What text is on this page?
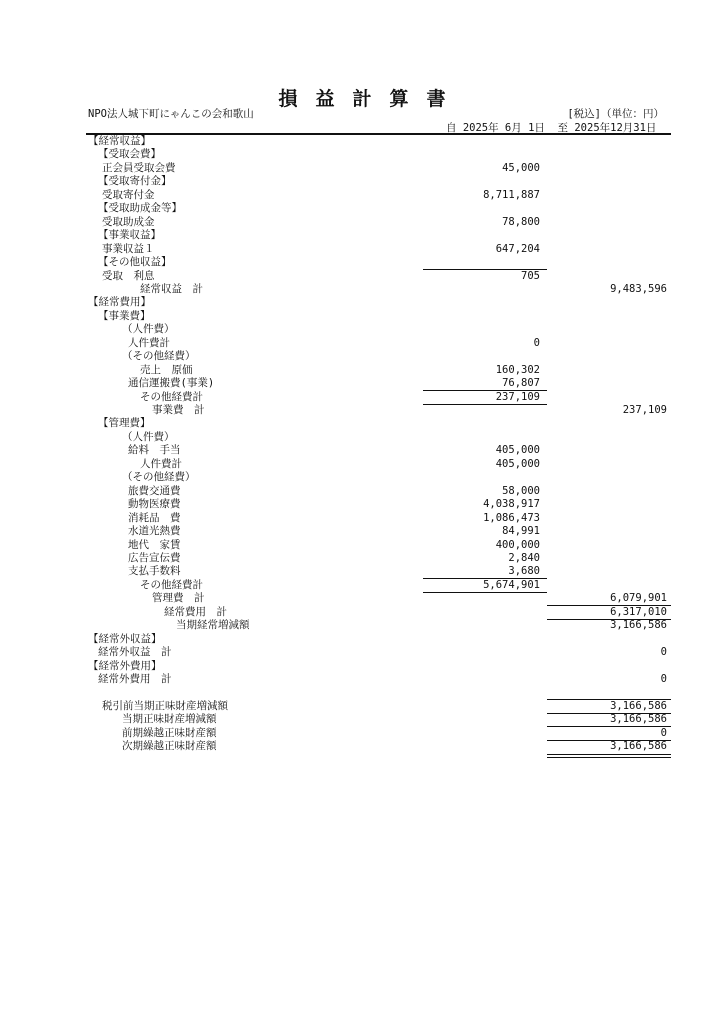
損益計算書
NPO法人城下町にゃんこの会和歌山	[税込]（単位：円）
自 2025年 6月 1日  至 2025年12月31日
【経常収益】
【受取会費】
正会員受取会費	45,000
【受取寄付金】
受取寄付金	8,711,887
【受取助成金等】
受取助成金	78,800
【事業収益】
事業収益１	647,204
【その他収益】
受取　利息	705
経常収益　計	9,483,596
【経常費用】
【事業費】
（人件費）
人件費計	0
（その他経費）
売上　原価	160,302
通信運搬費(事業)	76,807
その他経費計	237,109
事業費　計	237,109
【管理費】
（人件費）
給料　手当	405,000
人件費計	405,000
（その他経費）
旅費交通費	58,000
動物医療費	4,038,917
消耗品　費	1,086,473
水道光熱費	84,991
地代　家賃	400,000
広告宣伝費	2,840
支払手数料	3,680
その他経費計	5,674,901
管理費　計	6,079,901
経常費用　計	6,317,010
当期経常増減額	3,166,586
【経常外収益】
経常外収益　計	0
【経常外費用】
経常外費用　計	0
税引前当期正味財産増減額	3,166,586
当期正味財産増減額	3,166,586
前期繰越正味財産額	0
次期繰越正味財産額	3,166,586
